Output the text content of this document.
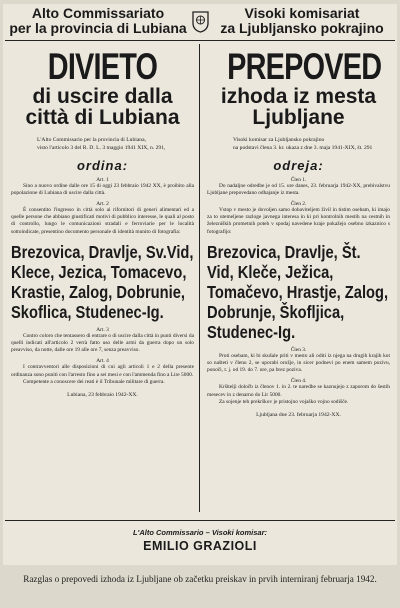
Alto Commissariato
per la provincia di Lubiana
Visoki komisariat
za Ljubljansko pokrajino
DIVIETO
di uscire dalla
città di Lubiana
L'Alto Commissario per la provincia di Lubiana,
visto l'articolo 3 del R. D. L. 3 maggio 1941 XIX, n. 291,
ordina:
Art. 1
Sino a nuovo ordine dalle ore 15 di oggi 23 febbraio 1942 XX, è proibito alla popolazione di Lubiana di uscire dalla città.
Art. 2
È consentito l'ingresso in città solo ai rifornitori di generi alimentari ed a quelle persone che abbiano giustificati motivi di pubblico interesse, le quali al posto di controllo, lungo le comunicazioni stradali e ferroviarie per le località sottoindicate, presentino documento personale di identità munito di fotografia:
Brezovica, Dravlje, Sv.Vid, Klece, Jezica, Tomacevo, Krastie, Zalog, Dobrunie, Skoflica, Studenec-Ig.
Art. 3
Contro coloro che tentassero di entrare o di uscire dalla città in punti diversi da quelli indicati all'articolo 2 verrà fatto uso delle armi da guerra dopo un solo preavviso, da notte, dalle ore 19 alle ore 7, senza preavviso.
Art. 4
I contravventori alle disposizioni di cui agli articoli 1 e 2 della presente ordinanza sono puniti con l'arresto fino a sei mesi e con l'ammenda fino a Lire 5000.
Competente a conoscere dei reati è il Tribunale militare di guerra.
Lubiana, 23 febbraio 1942-XX.
PREPOVED
izhoda iz mesta
Ljubljane
Visoki komisar za Ljubljansko pokrajino
na podstavi člena 3. kr. ukaza z dne 3. maja 1941-XIX, št. 291
odreja:
Člen 1.
Do nadaljne odredbe je od 15. ure danes, 23. februarja 1942-XX, prebivalstvu Ljubljane prepovedano odhajanje iz mesta.
Člen 2.
Vstop v mesto je dovoljen samo dobaviteljem živil in tistim osebam, ki imajo za to utemeljene razloge javnega interesa in ki pri kontrolnih mestih na cestnih in železniških prometnih poteh v spodaj navedene kraje pokažejo osebno izkaznico s fotografijo:
Brezovica, Dravlje, Št. Vid, Kleče, Ježica, Tomačevo, Hrastje, Zalog, Dobrunje, Škofljica, Studenec-Ig.
Člen 3.
Proti osebam, ki bi skušale priti v mesto ali oditi iz njega na drugih krajih kot so našteti v členu 2, se uporabi orožje, in sicer podnevi po enem samem pozivu, ponoči, t. j. od 19. do 7. ure, pa brez poziva.
Člen 4.
Kršitelji določb iz členov 1. in 2. te naredbe se kaznujejo z zaporom do šestih mesecev in z denarno do Lir 5000.
Za sojenje teh prekrškov je pristojno vojaško vojno sodišče.
Ljubljana dne 23. februarja 1942-XX.
L'Alto Commissario – Visoki komisar:
EMILIO GRAZIOLI
Razglas o prepovedi izhoda iz Ljubljane ob začetku preiskav in prvih interniranj februarja 1942.
